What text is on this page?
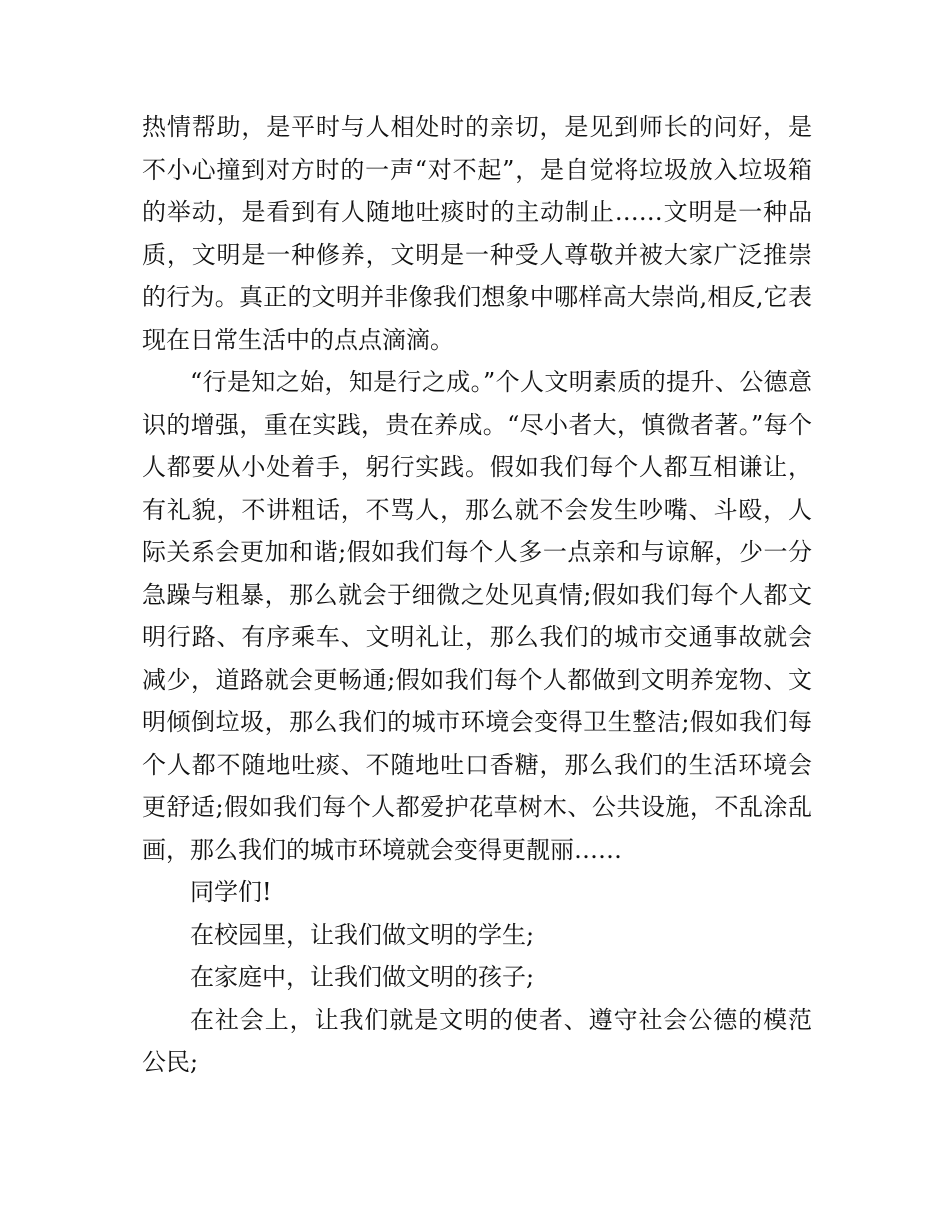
热情帮助，是平时与人相处时的亲切，是见到师长的问好，是不小心撞到对方时的一声“对不起”，是自觉将垃圾放入垃圾箱的举动，是看到有人随地吐痰时的主动制止……文明是一种品质，文明是一种修养，文明是一种受人尊敬并被大家广泛推崇的行为。真正的文明并非像我们想象中哪样高大崇尚,相反,它表现在日常生活中的点点滴滴。

“行是知之始，知是行之成。”个人文明素质的提升、公德意识的增强，重在实践，贵在养成。“尽小者大，慎微者著。”每个人都要从小处着手，躬行实践。假如我们每个人都互相谦让，有礼貌，不讲粗话，不骂人，那么就不会发生吵嘴、斗殴，人际关系会更加和谐;假如我们每个人多一点亲和与谅解，少一分急躁与粗暴，那么就会于细微之处见真情;假如我们每个人都文明行路、有序乘车、文明礼让，那么我们的城市交通事故就会减少，道路就会更畅通;假如我们每个人都做到文明养宠物、文明倾倒垃圾，那么我们的城市环境会变得卫生整洁;假如我们每个人都不随地吐痰、不随地吐口香糖，那么我们的生活环境会更舒适;假如我们每个人都爱护花草树木、公共设施，不乱涂乱画，那么我们的城市环境就会变得更靓丽……

同学们!

在校园里，让我们做文明的学生;

在家庭中，让我们做文明的孩子;

在社会上，让我们就是文明的使者、遵守社会公德的模范公民;
